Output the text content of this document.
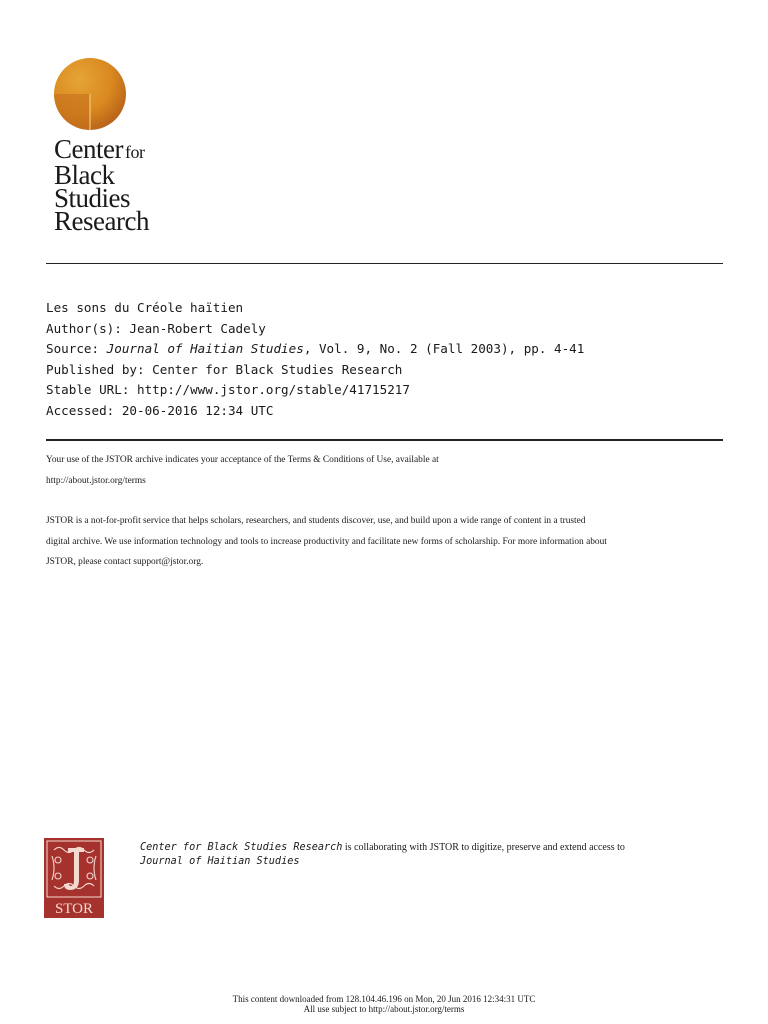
Center for
Black
Studies
Research
Les sons du Créole haïtien
Author(s): Jean-Robert Cadely
Source: Journal of Haitian Studies, Vol. 9, No. 2 (Fall 2003), pp. 4-41
Published by: Center for Black Studies Research
Stable URL: http://www.jstor.org/stable/41715217
Accessed: 20-06-2016 12:34 UTC

Your use of the JSTOR archive indicates your acceptance of the Terms & Conditions of Use, available at
http://about.jstor.org/terms

JSTOR is a not-for-profit service that helps scholars, researchers, and students discover, use, and build upon a wide range of content in a trusted
digital archive. We use information technology and tools to increase productivity and facilitate new forms of scholarship. For more information about
JSTOR, please contact support@jstor.org.

STOR
Center for Black Studies Research is collaborating with JSTOR to digitize, preserve and extend access to
Journal of Haitian Studies
This content downloaded from 128.104.46.196 on Mon, 20 Jun 2016 12:34:31 UTC
All use subject to http://about.jstor.org/terms
